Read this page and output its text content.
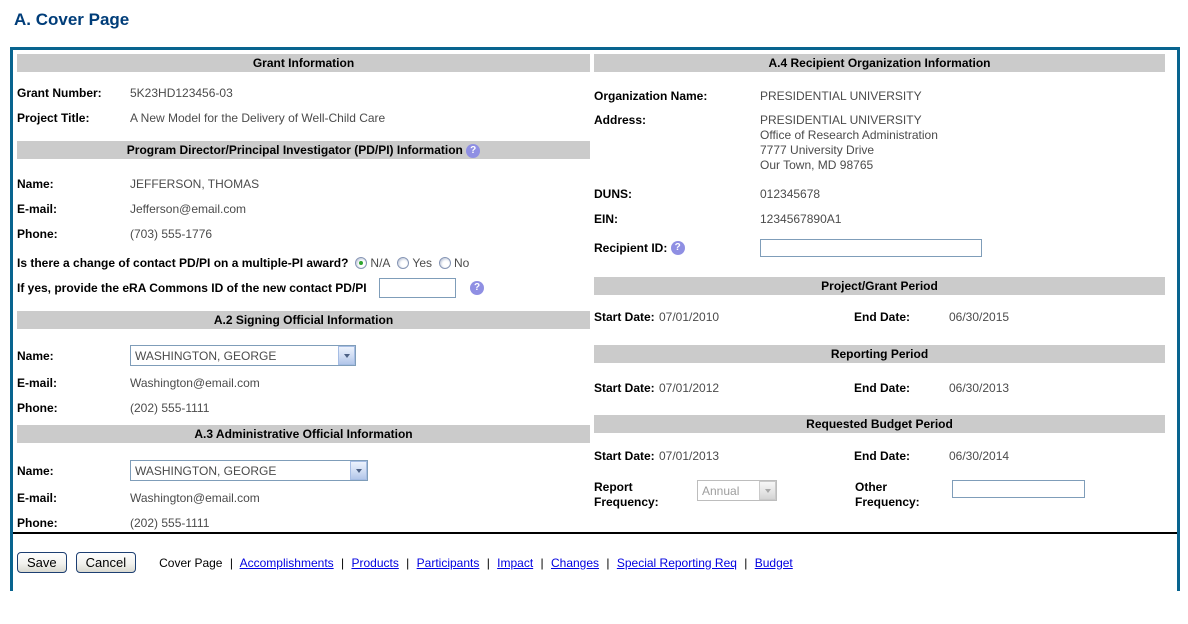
A. Cover Page
Grant Information
Grant Number:	5K23HD123456-03
Project Title:	A New Model for the Delivery of Well-Child Care
Program Director/Principal Investigator (PD/PI) Information ?
Name:	JEFFERSON, THOMAS
E-mail:	Jefferson@email.com
Phone:	(703) 555-1776
Is there a change of contact PD/PI on a multiple-PI award? N/A Yes No
If yes, provide the eRA Commons ID of the new contact PD/PI	?
A.2 Signing Official Information
Name:	WASHINGTON, GEORGE
E-mail:	Washington@email.com
Phone:	(202) 555-1111
A.3 Administrative Official Information
Name:	WASHINGTON, GEORGE
E-mail:	Washington@email.com
Phone:	(202) 555-1111
A.4 Recipient Organization Information
Organization Name:	PRESIDENTIAL UNIVERSITY
Address:	PRESIDENTIAL UNIVERSITY
Office of Research Administration
7777 University Drive
Our Town, MD 98765
DUNS:	012345678
EIN:	1234567890A1
Recipient ID: ?
Project/Grant Period
Start Date: 07/01/2010	End Date:	06/30/2015
Reporting Period
Start Date: 07/01/2012	End Date:	06/30/2013
Requested Budget Period
Start Date: 07/01/2013	End Date:	06/30/2014
Report Frequency:
Annual	Other Frequency:
Save	Cancel	Cover Page | Accomplishments | Products | Participants | Impact | Changes | Special Reporting Req | Budget
